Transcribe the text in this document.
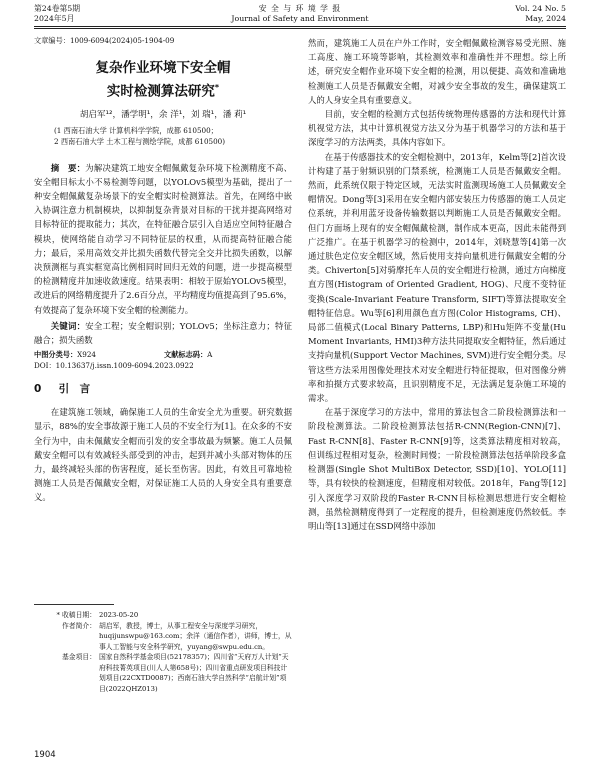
第24卷第5期
2024年5月
安 全 与 环 境 学 报
Journal of Safety and Environment
Vol. 24 No. 5
May, 2024
文章编号：1009-6094(2024)05-1904-09
复杂作业环境下安全帽
实时检测算法研究*
胡启军¹²，潘学明¹，余 洋¹，刘 瑞¹，潘 莉¹
(1 西南石油大学 计算机科学学院，成都 610500；
2 西南石油大学 土木工程与测绘学院，成都 610500)

摘　要：为解决建筑工地安全帽佩戴复杂环境下检测精度不高、安全帽目标太小不易检测等问题，以YOLOv5模型为基础，提出了一种安全帽佩戴复杂场景下的安全帽实时检测算法。首先，在网络中嵌入协调注意力机制模块，以抑制复杂背景对目标的干扰并提高网络对目标特征的提取能力；其次，在特征融合层引入自适应空间特征融合模块，使网络能自动学习不同特征层的权重，从而提高特征融合能力；最后，采用高效交并比损失函数代替完全交并比损失函数，以解决预测框与真实框宽高比例相同时回归无效的问题，进一步提高模型的检测精度并加速收敛速度。结果表明：相较于原始YOLOv5模型，改进后的网络精度提升了2.6百分点，平均精度均值提高到了95.6%，有效提高了复杂环境下安全帽的检测能力。

关键词：安全工程；安全帽识别；YOLOv5；坐标注意力；特征融合；损失函数

中图分类号：X924	文献标志码：A
DOI：10.13637/j.issn.1009-6094.2023.0922
0 引　言

在建筑施工领域，确保施工人员的生命安全尤为重要。研究数据显示，88%的安全事故源于施工人员的不安全行为[1]。在众多的不安全行为中，由未佩戴安全帽而引发的安全事故最为频繁。施工人员佩戴安全帽可以有效减轻头部受到的冲击，起到并减小头部对物体的压力，最终减轻头部的伤害程度，延长至伤害。因此，有效且可靠地检测施工人员是否佩戴安全帽，对保证施工人员的人身安全具有重要意义。

* 收稿日期： 2023-05-20
作者简介： 胡启军，教授，博士，从事工程安全与深度学习研究，huqijunswpu@163.com；余洋（通信作者），讲师，博士，从事人工智能与安全科学研究，yuyang@swpu.edu.cn。
基金项目： 国家自然科学基金项目(52178357)；四川省“天府万人计划”天府科技菁英项目(川人人第658号)；四川省重点研发项目科技计划项目(22CXTD0087)；西南石油大学自然科学“启航计划”项目(2022QHZ013)
1904

然而，建筑施工人员在户外工作时，安全帽佩戴检测容易受光照、施工高度、施工环境等影响，其检测效率和准确性并不理想。综上所述，研究安全帽作业环境下安全帽的检测，用以便捷、高效和准确地检测施工人员是否佩戴安全帽，对减少安全事故的发生，确保建筑工人的人身安全具有重要意义。

目前，安全帽的检测方式包括传统物理传感器的方法和现代计算机视觉方法，其中计算机视觉方法又分为基于机器学习的方法和基于深度学习的方法两类，具体内容如下。

在基于传感器技术的安全帽检测中，2013年，Kelm等[2]首次设计构建了基于射频识别的门禁系统，检测施工人员是否佩戴安全帽。然而，此系统仅限于特定区域，无法实时监测现场施工人员佩戴安全帽情况。Dong等[3]采用在安全帽内部安装压力传感器的施工人员定位系统，并利用蓝牙设备传输数据以判断施工人员是否佩戴安全帽。但门方面场上现有的安全帽佩戴检测，制作成本更高，因此未能得到广泛推广。在基于机器学习的检测中，2014年，刘晓慧等[4]第一次通过肤色定位安全帽区域，然后使用支持向量机进行佩戴安全帽的分类。Chiverton[5]对骑摩托车人员的安全帽进行检测，通过方向梯度直方图(Histogram of Oriented Gradient, HOG)、尺度不变特征变换(Scale-Invariant Feature Transform, SIFT)等算法提取安全帽特征信息。Wu等[6]利用颜色直方图(Color Histograms, CH)、局部二值模式(Local Binary Patterns, LBP)和Hu矩阵不变量(Hu Moment Invariants, HMI)3种方法共同提取安全帽特征，然后通过支持向量机(Support Vector Machines, SVM)进行安全帽分类。尽管这些方法采用图像处理技术对安全帽进行特征提取，但对图像分辨率和拍摄方式要求较高，且识别精度不足，无法满足复杂施工环境的需求。

在基于深度学习的方法中，常用的算法包含二阶段检测算法和一阶段检测算法。二阶段检测算法包括R-CNN(Region-CNN)[7]、Fast R-CNN[8]、Faster R-CNN[9]等，这类算法精度相对较高，但训练过程相对复杂，检测时间慢；一阶段检测算法包括单阶段多盒检测器(Single Shot MultiBox Detector, SSD)[10]、YOLO[11]等，具有较快的检测速度，但精度相对较低。2018年，Fang等[12]引入深度学习双阶段的Faster R-CNN目标检测思想进行安全帽检测，虽然检测精度得到了一定程度的提升，但检测速度仍然较低。李明山等[13]通过在SSD网络中添加
